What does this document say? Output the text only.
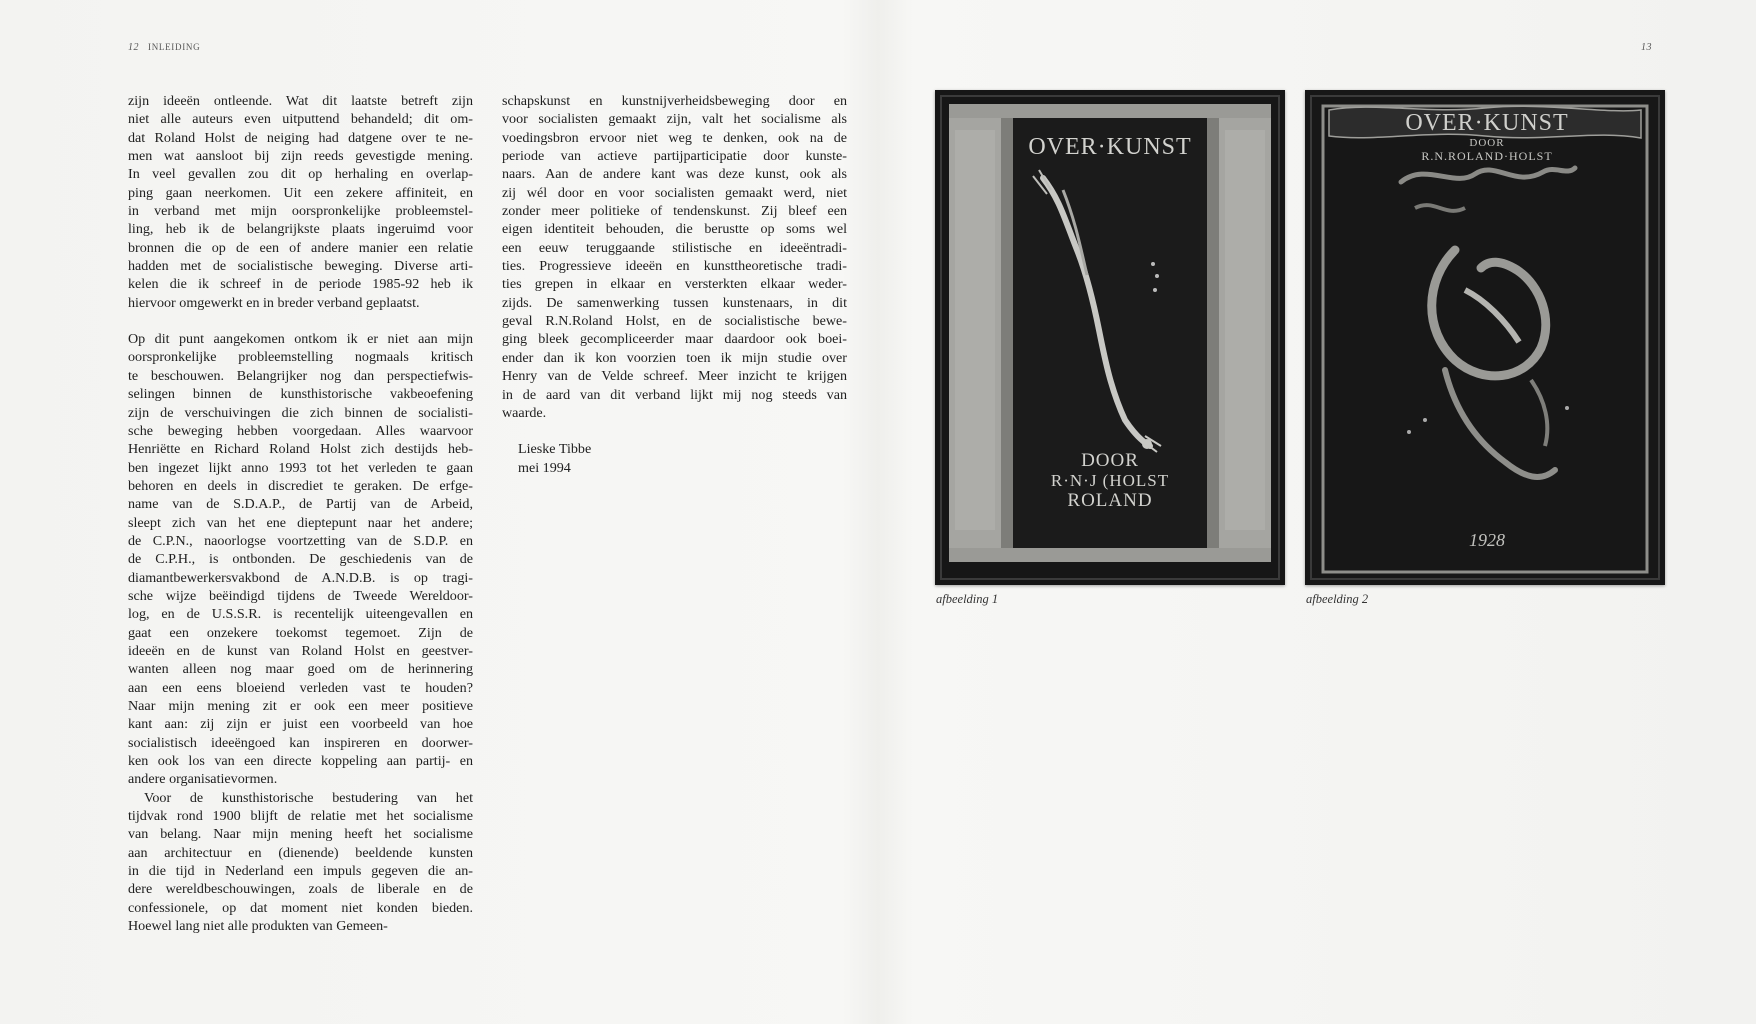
12 INLEIDING	13

zijn ideeën ontleende. Wat dit laatste betreft zijn
niet alle auteurs even uitputtend behandeld; dit om-
dat Roland Holst de neiging had datgene over te ne-
men wat aansloot bij zijn reeds gevestigde mening.
In veel gevallen zou dit op herhaling en overlap-
ping gaan neerkomen. Uit een zekere affiniteit, en
in verband met mijn oorspronkelijke probleemstel-
ling, heb ik de belangrijkste plaats ingeruimd voor
bronnen die op de een of andere manier een relatie
hadden met de socialistische beweging. Diverse arti-
kelen die ik schreef in de periode 1985-92 heb ik
hiervoor omgewerkt en in breder verband geplaatst.

Op dit punt aangekomen ontkom ik er niet aan mijn
oorspronkelijke probleemstelling nogmaals kritisch
te beschouwen. Belangrijker nog dan perspectiefwis-
selingen binnen de kunsthistorische vakbeoefening
zijn de verschuivingen die zich binnen de socialisti-
sche beweging hebben voorgedaan. Alles waarvoor
Henriëtte en Richard Roland Holst zich destijds heb-
ben ingezet lijkt anno 1993 tot het verleden te gaan
behoren en deels in discrediet te geraken. De erfge-
name van de S.D.A.P., de Partij van de Arbeid,
sleept zich van het ene dieptepunt naar het andere;
de C.P.N., naoorlogse voortzetting van de S.D.P. en
de C.P.H., is ontbonden. De geschiedenis van de
diamantbewerkersvakbond de A.N.D.B. is op tragi-
sche wijze beëindigd tijdens de Tweede Wereldoor-
log, en de U.S.S.R. is recentelijk uiteengevallen en
gaat een onzekere toekomst tegemoet. Zijn de
ideeën en de kunst van Roland Holst en geestver-
wanten alleen nog maar goed om de herinnering
aan een eens bloeiend verleden vast te houden?
Naar mijn mening zit er ook een meer positieve
kant aan: zij zijn er juist een voorbeeld van hoe
socialistisch ideeëngoed kan inspireren en doorwer-
ken ook los van een directe koppeling aan partij- en
andere organisatievormen.

Voor de kunsthistorische bestudering van het
tijdvak rond 1900 blijft de relatie met het socialisme
van belang. Naar mijn mening heeft het socialisme
aan architectuur en (dienende) beeldende kunsten
in die tijd in Nederland een impuls gegeven die an-
dere wereldbeschouwingen, zoals de liberale en de
confessionele, op dat moment niet konden bieden.
Hoewel lang niet alle produkten van Gemeen-

schapskunst en kunstnijverheidsbeweging door en
voor socialisten gemaakt zijn, valt het socialisme als
voedingsbron ervoor niet weg te denken, ook na de
periode van actieve partijparticipatie door kunste-
naars. Aan de andere kant was deze kunst, ook als
zij wél door en voor socialisten gemaakt werd, niet
zonder meer politieke of tendenskunst. Zij bleef een
eigen identiteit behouden, die berustte op soms wel
een eeuw teruggaande stilistische en ideeëntradi-
ties. Progressieve ideeën en kunsttheoretische tradi-
ties grepen in elkaar en versterkten elkaar weder-
zijds. De samenwerking tussen kunstenaars, in dit
geval R.N.Roland Holst, en de socialistische bewe-
ging bleek gecompliceerder maar daardoor ook boei-
ender dan ik kon voorzien toen ik mijn studie over
Henry van de Velde schreef. Meer inzicht te krijgen
in de aard van dit verband lijkt mij nog steeds van
waarde.

Lieske Tibbe
mei 1994
OVER·KUNST
DOOR
R·N·J (HOLST
ROLAND
afbeelding 1
OVER·KUNST
DOOR
R.N.ROLAND·HOLST
1928
afbeelding 2
